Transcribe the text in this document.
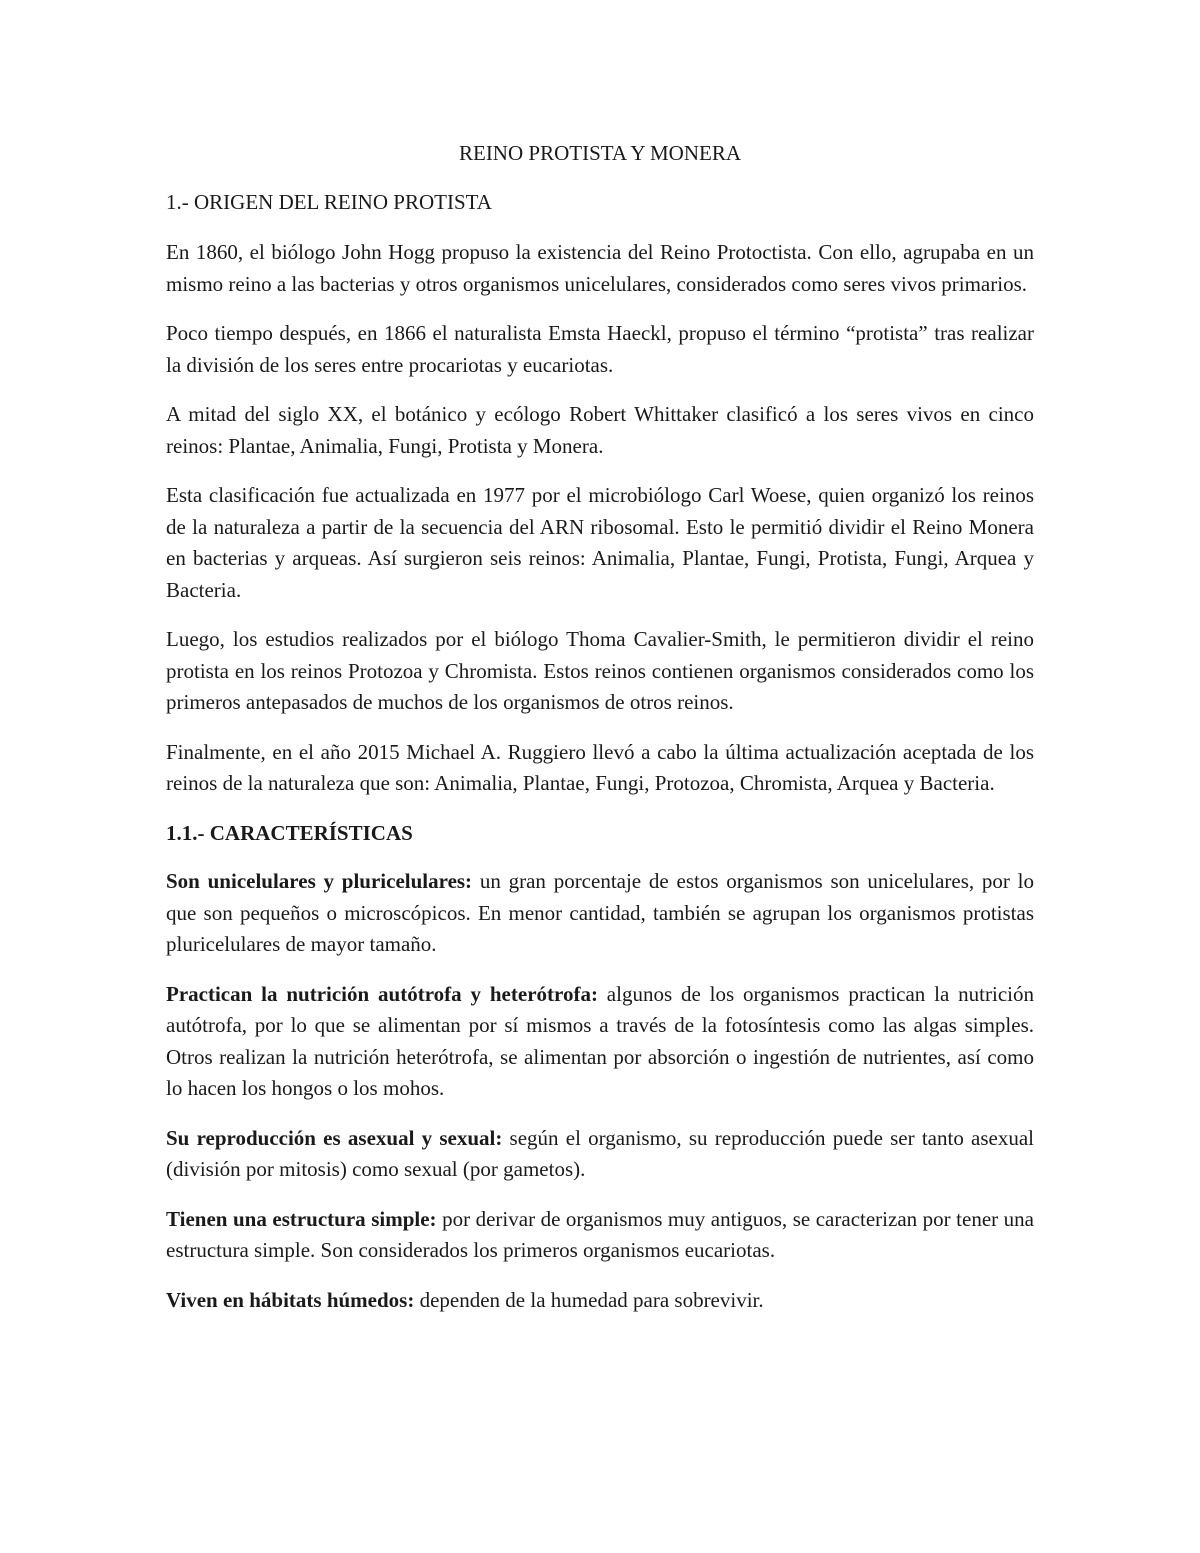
REINO PROTISTA Y MONERA
1.- ORIGEN DEL REINO PROTISTA

En 1860, el biólogo John Hogg propuso la existencia del Reino Protoctista. Con ello, agrupaba en un mismo reino a las bacterias y otros organismos unicelulares, considerados como seres vivos primarios.

Poco tiempo después, en 1866 el naturalista Emsta Haeckl, propuso el término “protista” tras realizar la división de los seres entre procariotas y eucariotas.

A mitad del siglo XX, el botánico y ecólogo Robert Whittaker clasificó a los seres vivos en cinco reinos: Plantae, Animalia, Fungi, Protista y Monera.

Esta clasificación fue actualizada en 1977 por el microbiólogo Carl Woese, quien organizó los reinos de la naturaleza a partir de la secuencia del ARN ribosomal. Esto le permitió dividir el Reino Monera en bacterias y arqueas. Así surgieron seis reinos: Animalia, Plantae, Fungi, Protista, Fungi, Arquea y Bacteria.

Luego, los estudios realizados por el biólogo Thoma Cavalier-Smith, le permitieron dividir el reino protista en los reinos Protozoa y Chromista. Estos reinos contienen organismos considerados como los primeros antepasados de muchos de los organismos de otros reinos.

Finalmente, en el año 2015 Michael A. Ruggiero llevó a cabo la última actualización aceptada de los reinos de la naturaleza que son: Animalia, Plantae, Fungi, Protozoa, Chromista, Arquea y Bacteria.

1.1.- CARACTERÍSTICAS

Son unicelulares y pluricelulares: un gran porcentaje de estos organismos son unicelulares, por lo que son pequeños o microscópicos. En menor cantidad, también se agrupan los organismos protistas pluricelulares de mayor tamaño.

Practican la nutrición autótrofa y heterótrofa: algunos de los organismos practican la nutrición autótrofa, por lo que se alimentan por sí mismos a través de la fotosíntesis como las algas simples. Otros realizan la nutrición heterótrofa, se alimentan por absorción o ingestión de nutrientes, así como lo hacen los hongos o los mohos.

Su reproducción es asexual y sexual: según el organismo, su reproducción puede ser tanto asexual (división por mitosis) como sexual (por gametos).

Tienen una estructura simple: por derivar de organismos muy antiguos, se caracterizan por tener una estructura simple. Son considerados los primeros organismos eucariotas.

Viven en hábitats húmedos: dependen de la humedad para sobrevivir.
